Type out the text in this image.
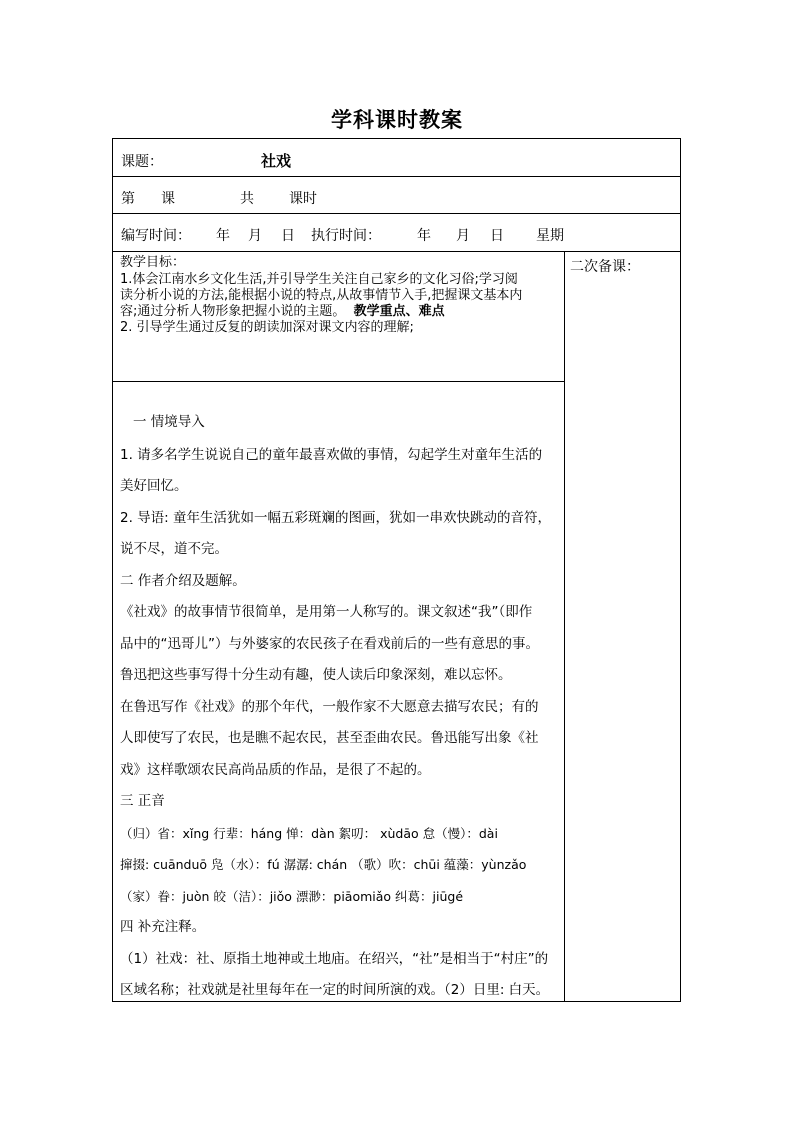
学科课时教案
课题：	社戏
第 课	共	课时
编写时间： 年 月 日 执行时间：	年 月 日 星期
二次备课：
教学目标：
1.体会江南水乡文化生活,并引导学生关注自己家乡的文化习俗;学习阅
读分析小说的方法,能根据小说的特点,从故事情节入手,把握课文基本内
容;通过分析人物形象把握小说的主题。 教学重点、难点
2. 引导学生通过反复的朗读加深对课文内容的理解;
一 情境导入
1. 请多名学生说说自己的童年最喜欢做的事情，勾起学生对童年生活的
美好回忆。
2. 导语: 童年生活犹如一幅五彩斑斓的图画，犹如一串欢快跳动的音符，
说不尽，道不完。
二 作者介绍及题解。
《社戏》的故事情节很简单，是用第一人称写的。课文叙述“我”（即作
品中的“迅哥儿”）与外婆家的农民孩子在看戏前后的一些有意思的事。
鲁迅把这些事写得十分生动有趣，使人读后印象深刻，难以忘怀。
在鲁迅写作《社戏》的那个年代，一般作家不大愿意去描写农民；有的
人即使写了农民，也是瞧不起农民，甚至歪曲农民。鲁迅能写出象《社
戏》这样歌颂农民高尚品质的作品，是很了不起的。
三 正音
（归）省：xǐng 行辈：háng 惮：dàn 絮叨： xùdāo 怠（慢）：dài
撺掇: cuānduō 凫（水）：fú 潺潺: chán （歌）吹：chūi 蕴藻：yùnzǎo
（家）眷：juòn 皎（洁）：jiǒo 漂渺：piāomiǎo 纠葛：jiūgé
四 补充注释。
（1）社戏：社、原指土地神或土地庙。在绍兴，“社”是相当于“村庄”的
区域名称；社戏就是社里每年在一定的时间所演的戏。（2）日里: 白天。
